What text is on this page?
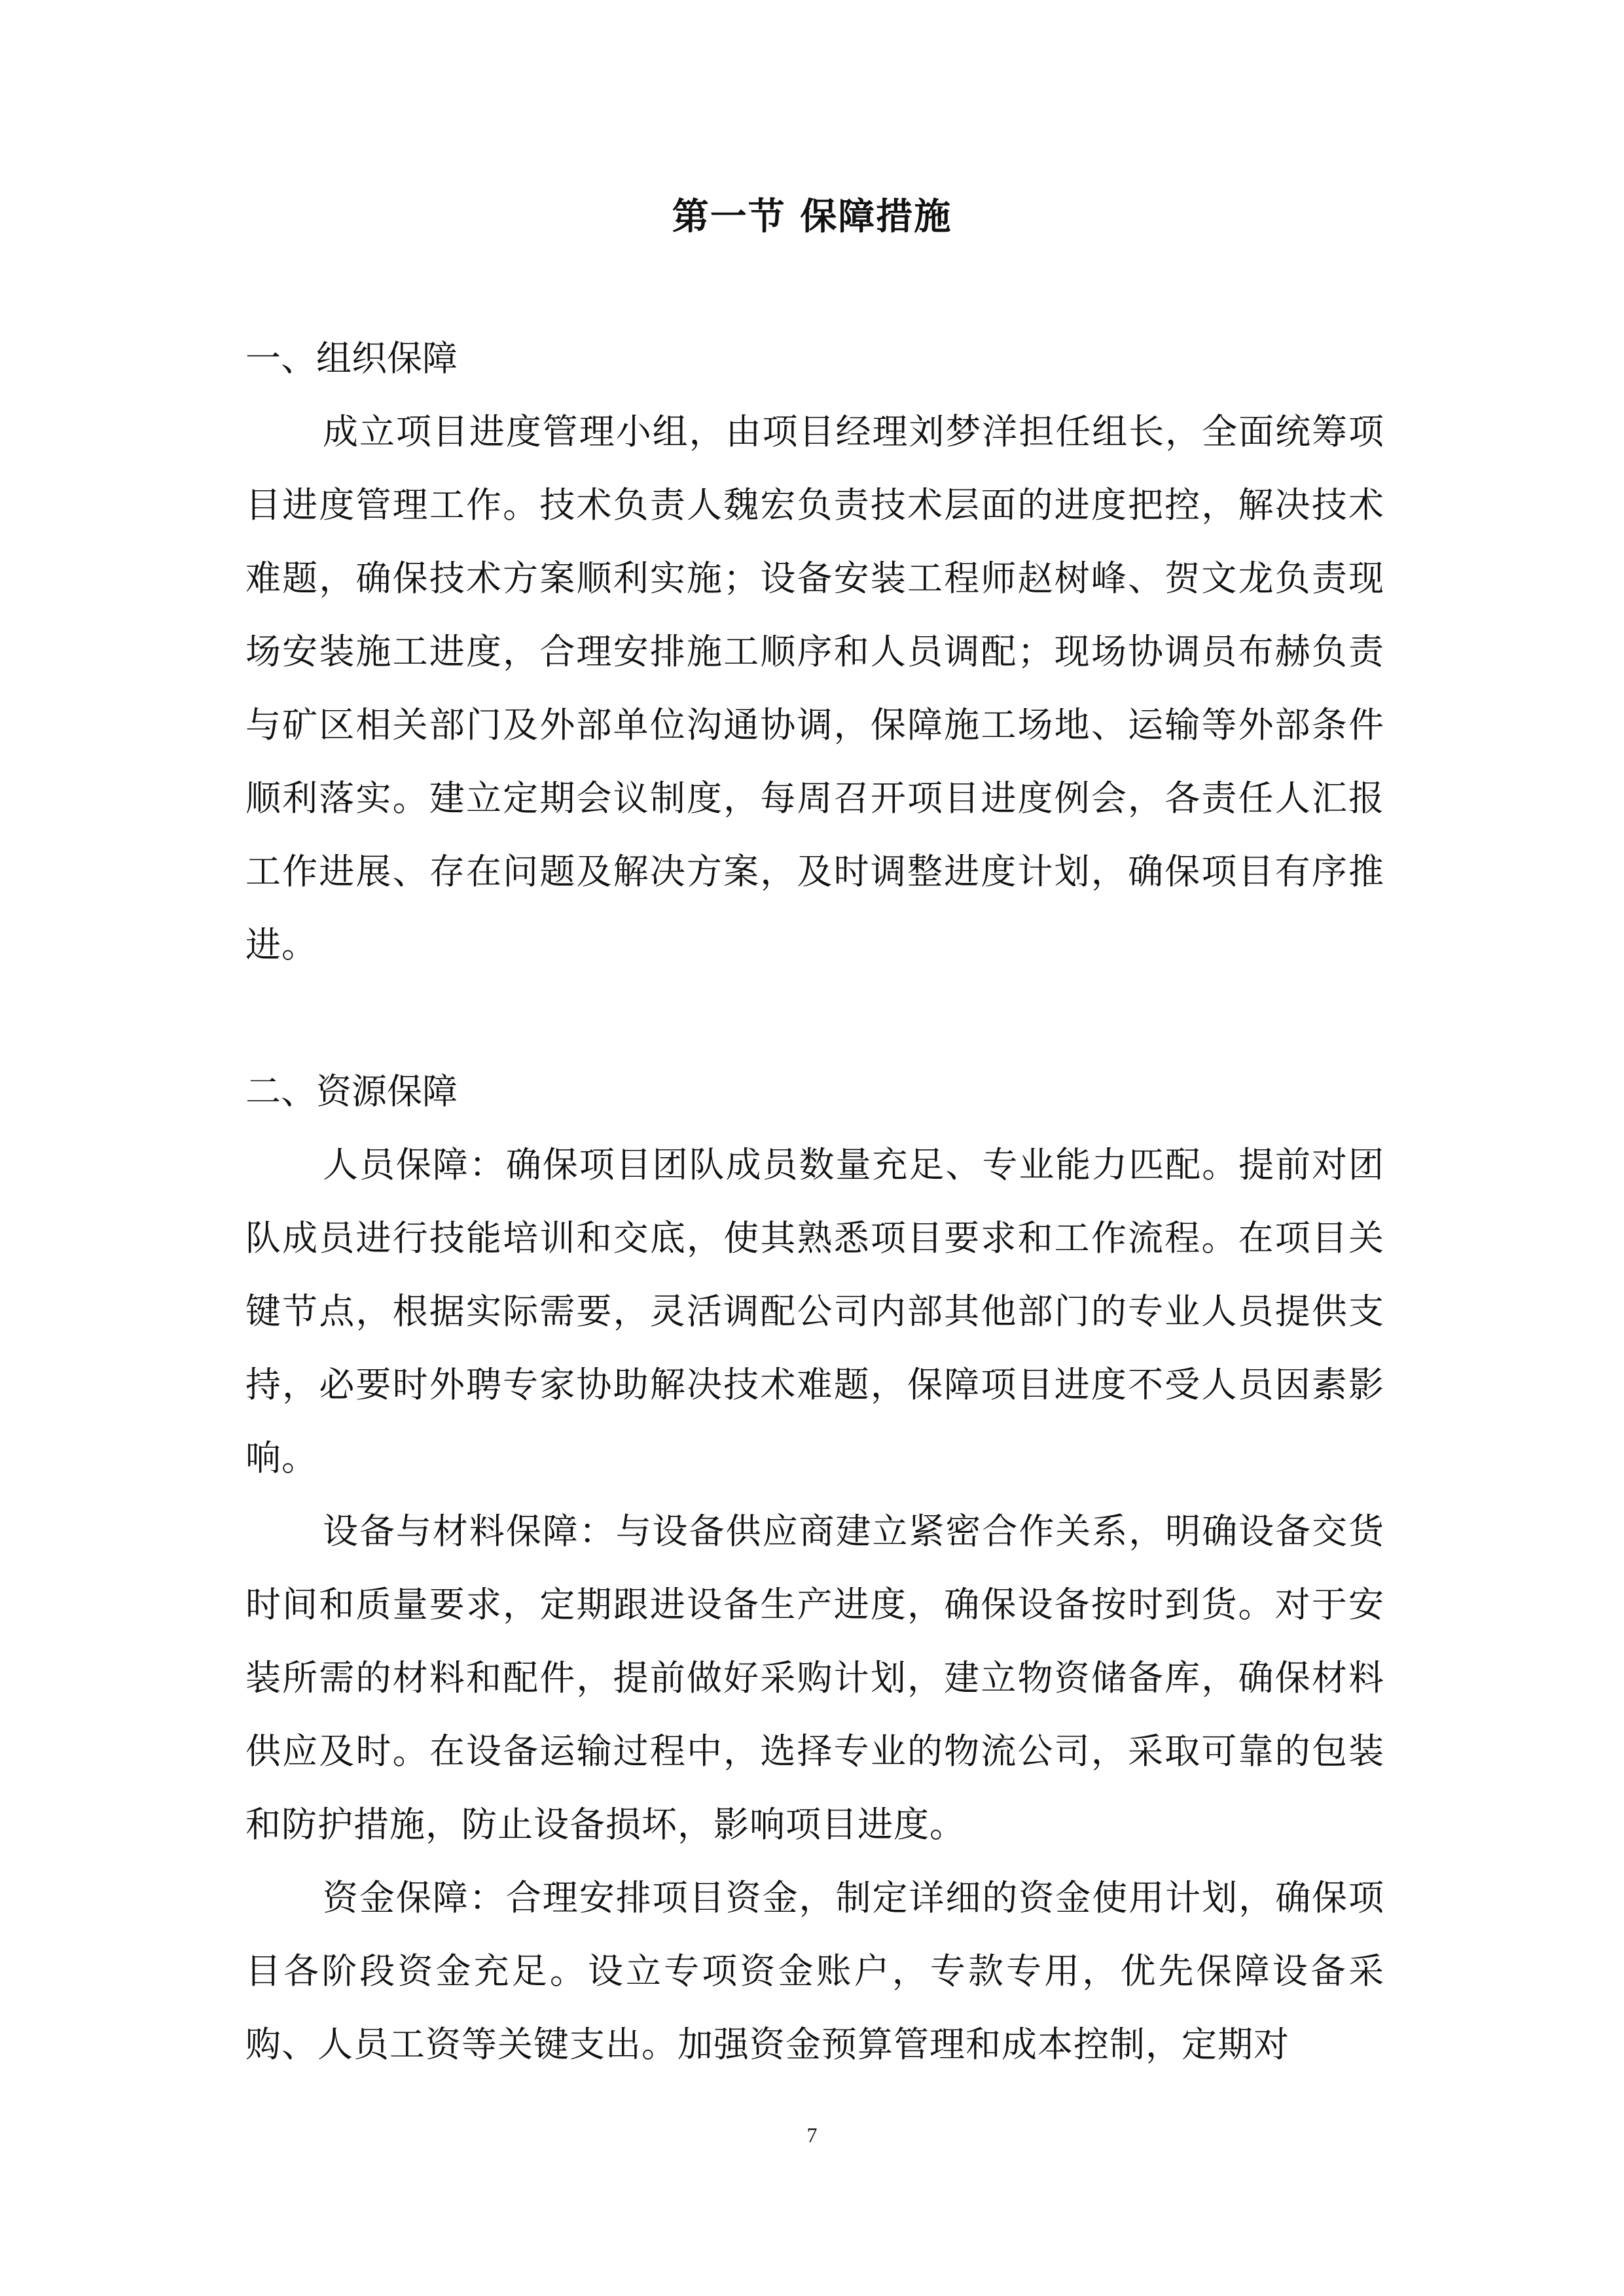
第一节 保障措施

一、组织保障

成立项目进度管理小组，由项目经理刘梦洋担任组长，全面统筹项目进度管理工作。技术负责人魏宏负责技术层面的进度把控，解决技术难题，确保技术方案顺利实施；设备安装工程师赵树峰、贺文龙负责现场安装施工进度，合理安排施工顺序和人员调配；现场协调员布赫负责与矿区相关部门及外部单位沟通协调，保障施工场地、运输等外部条件顺利落实。建立定期会议制度，每周召开项目进度例会，各责任人汇报工作进展、存在问题及解决方案，及时调整进度计划，确保项目有序推进。

二、资源保障

人员保障：确保项目团队成员数量充足、专业能力匹配。提前对团队成员进行技能培训和交底，使其熟悉项目要求和工作流程。在项目关键节点，根据实际需要，灵活调配公司内部其他部门的专业人员提供支持，必要时外聘专家协助解决技术难题，保障项目进度不受人员因素影响。

设备与材料保障：与设备供应商建立紧密合作关系，明确设备交货时间和质量要求，定期跟进设备生产进度，确保设备按时到货。对于安装所需的材料和配件，提前做好采购计划，建立物资储备库，确保材料供应及时。在设备运输过程中，选择专业的物流公司，采取可靠的包装和防护措施，防止设备损坏，影响项目进度。

资金保障：合理安排项目资金，制定详细的资金使用计划，确保项目各阶段资金充足。设立专项资金账户，专款专用，优先保障设备采购、人员工资等关键支出。加强资金预算管理和成本控制，定期对

7
